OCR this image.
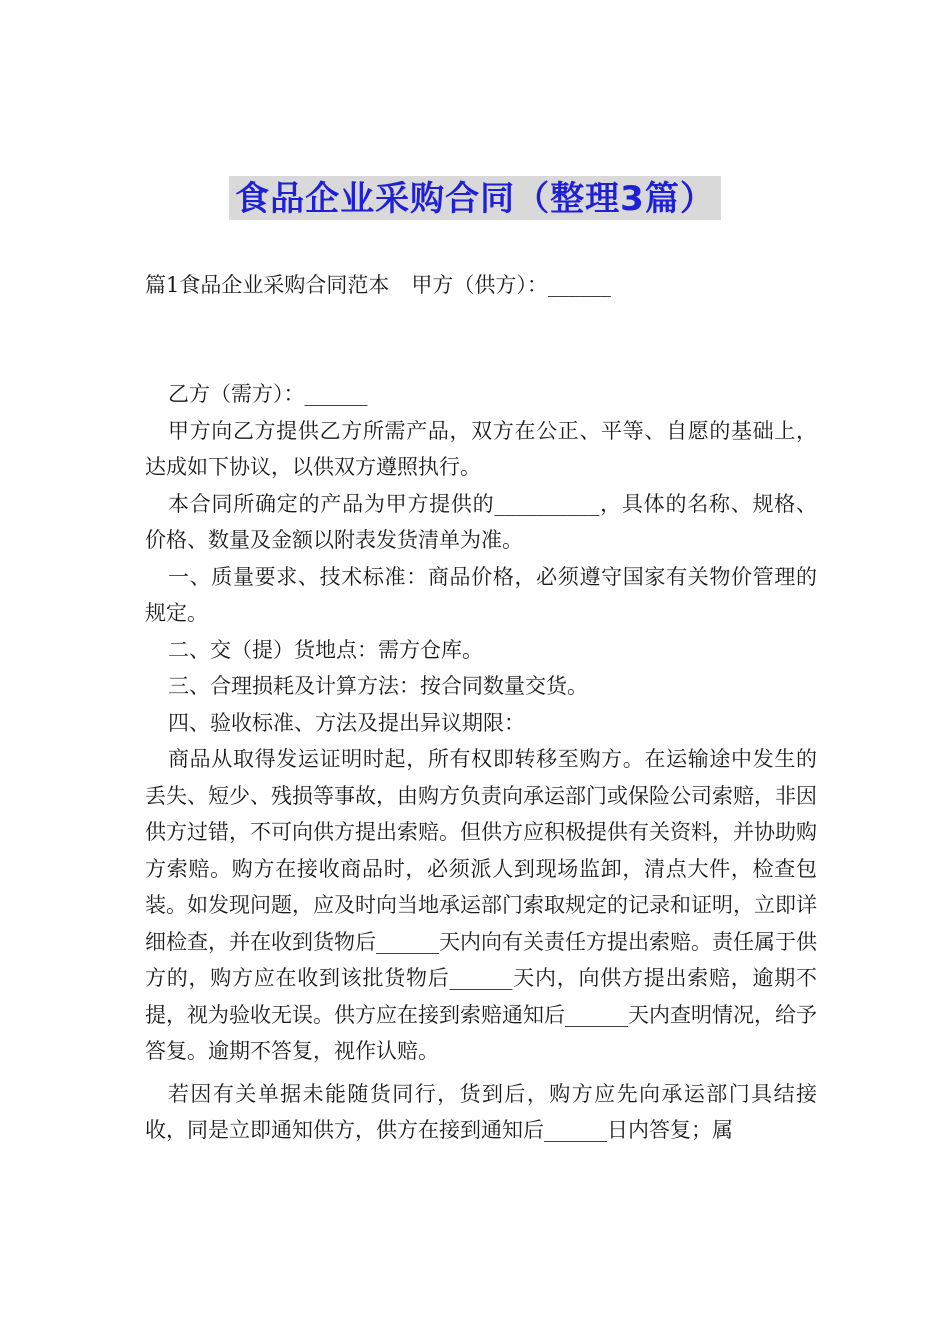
食品企业采购合同（整理3篇）
篇1食品企业采购合同范本 甲方（供方）：______

乙方（需方）：______

甲方向乙方提供乙方所需产品，双方在公正、平等、自愿的基础上，达成如下协议，以供双方遵照执行。

本合同所确定的产品为甲方提供的__________，具体的名称、规格、价格、数量及金额以附表发货清单为准。

一、质量要求、技术标准：商品价格，必须遵守国家有关物价管理的规定。

二、交（提）货地点：需方仓库。

三、合理损耗及计算方法：按合同数量交货。

四、验收标准、方法及提出异议期限：

商品从取得发运证明时起，所有权即转移至购方。在运输途中发生的丢失、短少、残损等事故，由购方负责向承运部门或保险公司索赔，非因供方过错，不可向供方提出索赔。但供方应积极提供有关资料，并协助购方索赔。购方在接收商品时，必须派人到现场监卸，清点大件，检查包装。如发现问题，应及时向当地承运部门索取规定的记录和证明，立即详细检查，并在收到货物后______天内向有关责任方提出索赔。责任属于供方的，购方应在收到该批货物后______天内，向供方提出索赔，逾期不提，视为验收无误。供方应在接到索赔通知后______天内查明情况，给予答复。逾期不答复，视作认赔。

若因有关单据未能随货同行，货到后，购方应先向承运部门具结接收，同是立即通知供方，供方在接到通知后______日内答复；属
